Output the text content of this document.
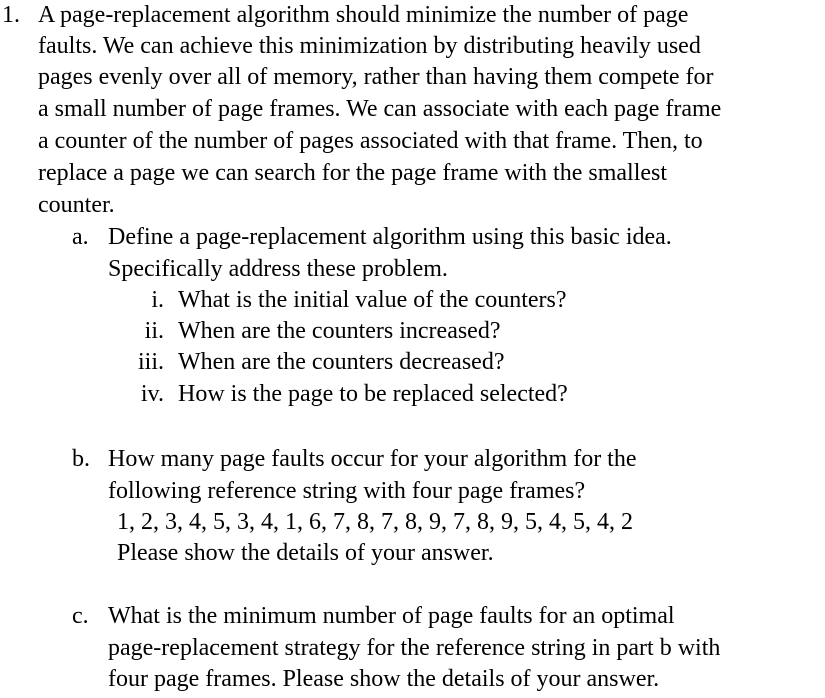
1. A page-replacement algorithm should minimize the number of page
faults. We can achieve this minimization by distributing heavily used
pages evenly over all of memory, rather than having them compete for
a small number of page frames. We can associate with each page frame
a counter of the number of pages associated with that frame. Then, to
replace a page we can search for the page frame with the smallest
counter.
a. Define a page-replacement algorithm using this basic idea.
Specifically address these problem.
i. What is the initial value of the counters?
ii. When are the counters increased?
iii. When are the counters decreased?
iv. How is the page to be replaced selected?
b. How many page faults occur for your algorithm for the
following reference string with four page frames?
1, 2, 3, 4, 5, 3, 4, 1, 6, 7, 8, 7, 8, 9, 7, 8, 9, 5, 4, 5, 4, 2
Please show the details of your answer.
c. What is the minimum number of page faults for an optimal
page-replacement strategy for the reference string in part b with
four page frames. Please show the details of your answer.
